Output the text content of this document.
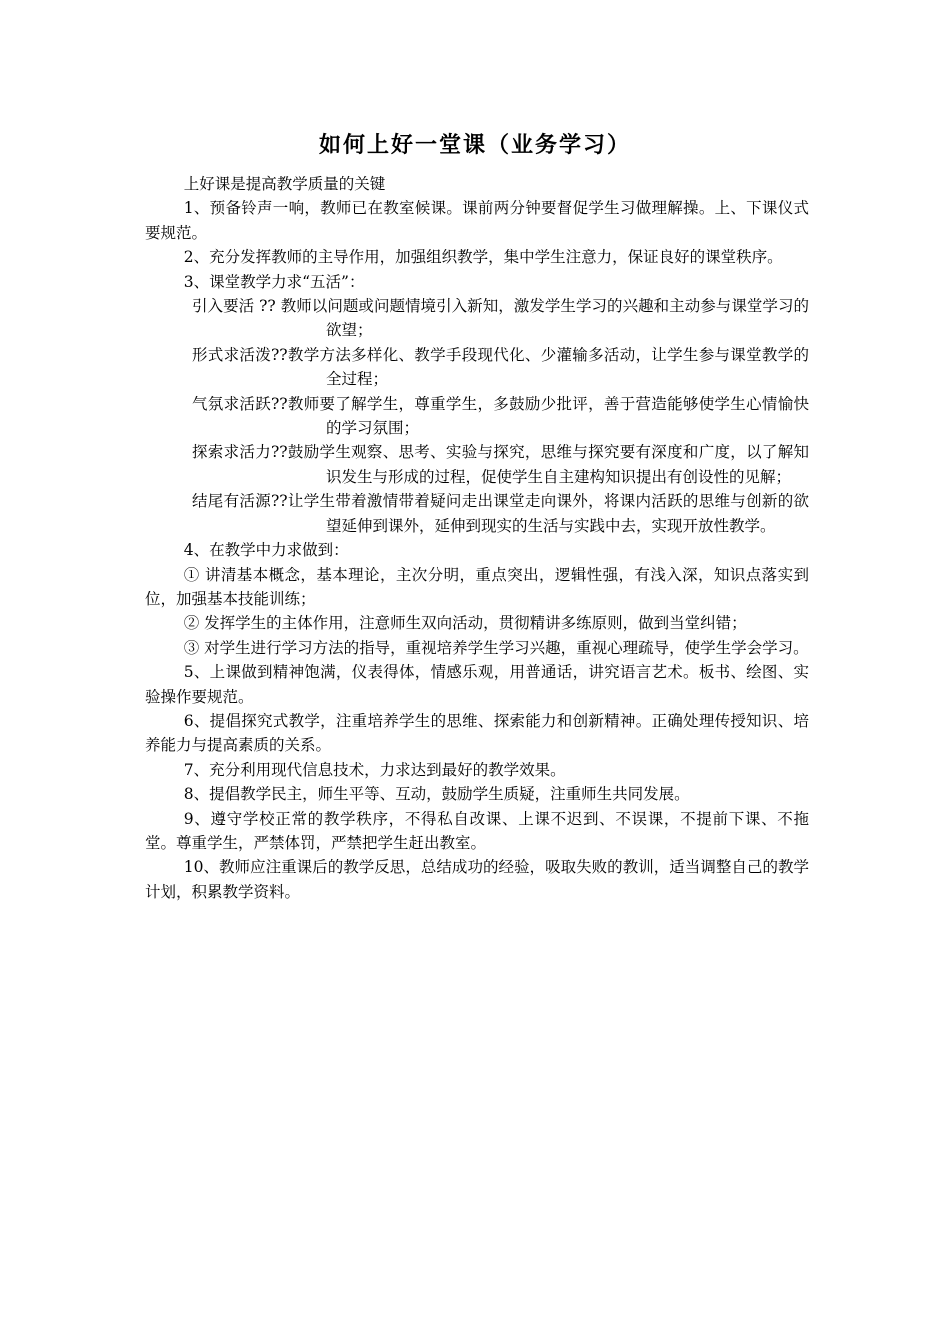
如何上好一堂课（业务学习）

上好课是提高教学质量的关键

1、预备铃声一响，教师已在教室候课。课前两分钟要督促学生习做理解操。上、下课仪式要规范。

2、充分发挥教师的主导作用，加强组织教学，集中学生注意力，保证良好的课堂秩序。

3、课堂教学力求“五活”：

引入要活 ?? 教师以问题或问题情境引入新知，激发学生学习的兴趣和主动参与课堂学习的欲望；

形式求活泼??教学方法多样化、教学手段现代化、少灌输多活动，让学生参与课堂教学的全过程；

气氛求活跃??教师要了解学生，尊重学生，多鼓励少批评，善于营造能够使学生心情愉快的学习氛围；

探索求活力??鼓励学生观察、思考、实验与探究，思维与探究要有深度和广度，以了解知识发生与形成的过程，促使学生自主建构知识提出有创设性的见解；

结尾有活源??让学生带着激情带着疑问走出课堂走向课外，将课内活跃的思维与创新的欲望延伸到课外，延伸到现实的生活与实践中去，实现开放性教学。

4、在教学中力求做到：

① 讲清基本概念，基本理论，主次分明，重点突出，逻辑性强，有浅入深，知识点落实到位，加强基本技能训练；

② 发挥学生的主体作用，注意师生双向活动，贯彻精讲多练原则，做到当堂纠错；

③ 对学生进行学习方法的指导，重视培养学生学习兴趣，重视心理疏导，使学生学会学习。

5、上课做到精神饱满，仪表得体，情感乐观，用普通话，讲究语言艺术。板书、绘图、实验操作要规范。

6、提倡探究式教学，注重培养学生的思维、探索能力和创新精神。正确处理传授知识、培养能力与提高素质的关系。

7、充分利用现代信息技术，力求达到最好的教学效果。

8、提倡教学民主，师生平等、互动，鼓励学生质疑，注重师生共同发展。

9、遵守学校正常的教学秩序，不得私自改课、上课不迟到、不误课，不提前下课、不拖堂。尊重学生，严禁体罚，严禁把学生赶出教室。

10、教师应注重课后的教学反思，总结成功的经验，吸取失败的教训，适当调整自己的教学计划，积累教学资料。
